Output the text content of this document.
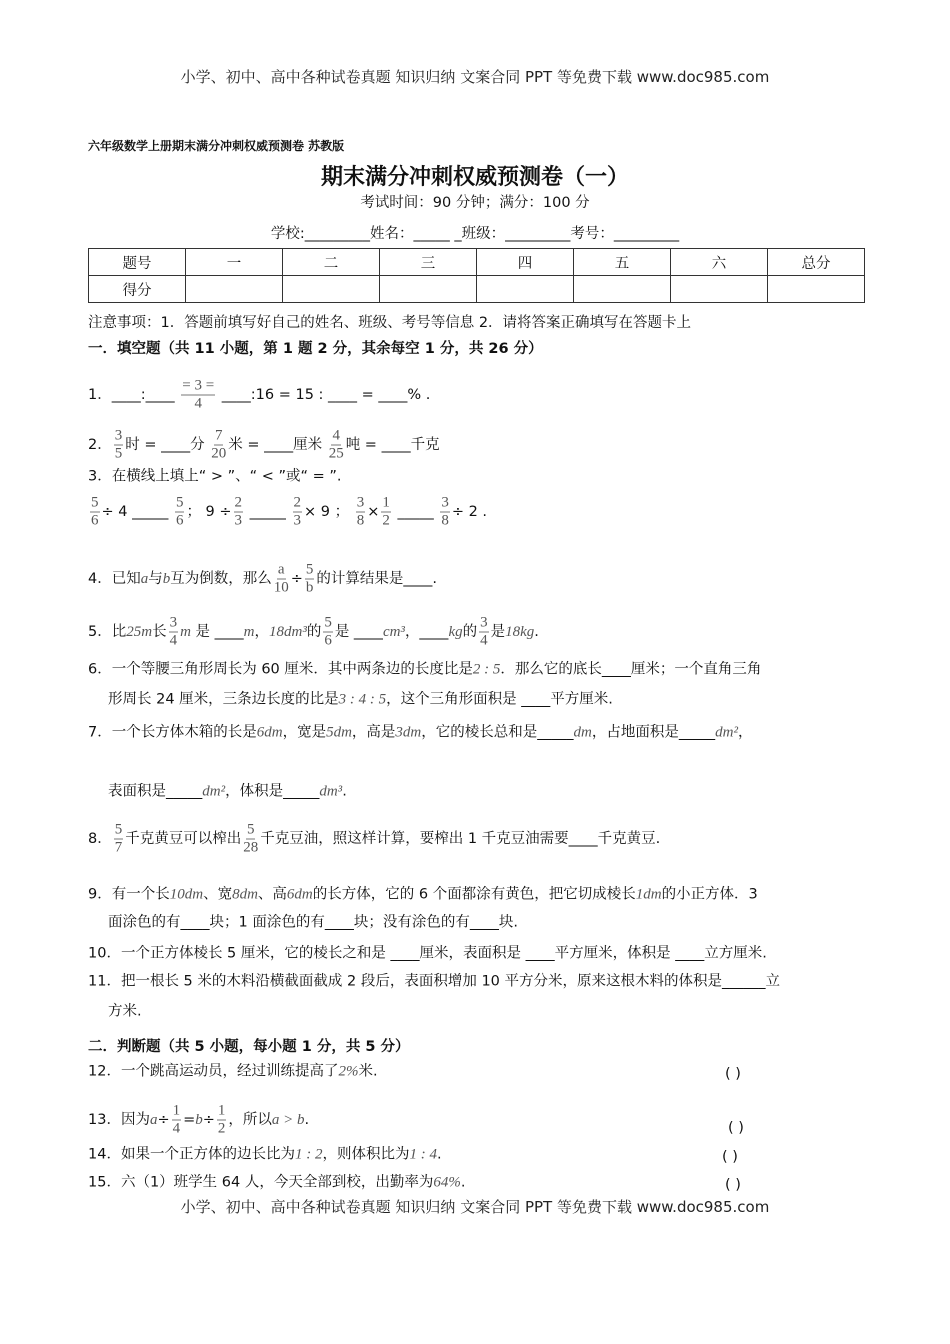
小学、初中、高中各种试卷真题 知识归纳 文案合同 PPT 等免费下载 www.doc985.com
六年级数学上册期末满分冲刺权威预测卷 苏教版
期末满分冲刺权威预测卷（一）
考试时间：90 分钟；满分：100 分
学校:_________姓名：_____ _班级：_________考号：_________
题号	一	二	三	四	五	六	总分
得分							
注意事项：1．答题前填写好自己的姓名、班级、考号等信息 2．请将答案正确填写在答题卡上
一．填空题（共 11 小题，第 1 题 2 分，其余每空 1 分，共 26 分）
二．判断题（共 5 小题，每小题 1 分，共 5 分）
1．____:____ $\frac{= 3 =}{4}$ ____:16 = 15 : ____ = ____% .
2． $\frac{3}{5}$ 时 = ____分 $\frac{7}{20}$ 米 = ____厘米 $\frac{4}{25}$ 吨 = ____千克
3．在横线上填上“ > ”、“ < ”或“ = ”.
$\frac{5}{6} \div 4$ _____ $\frac{5}{6}$ ； $9 \div \frac{2}{3}$ _____ $\frac{2}{3} \times 9$ ； $\frac{3}{8} \times \frac{1}{2}$ _____ $\frac{3}{8} \div 2$ .
4．已知a与b互为倒数，那么 $\frac{a}{10} \div \frac{5}{b}$ 的计算结果是____.
5．比25m长 $\frac{3}{4}$ m 是 ____m，18dm³的 $\frac{5}{6}$ 是 ____cm³，____kg的 $\frac{3}{4}$ 是18kg.
6．一个等腰三角形周长为 60 厘米．其中两条边的长度比是2 : 5．那么它的底长____厘米；一个直角三角
形周长 24 厘米，三条边长度的比是3 : 4 : 5，这个三角形面积是 ____平方厘米.
7．一个长方体木箱的长是6dm，宽是5dm，高是3dm，它的棱长总和是_____dm，占地面积是_____dm²，
表面积是_____dm²，体积是_____dm³.
8． $\frac{5}{7}$ 千克黄豆可以榨出 $\frac{5}{28}$ 千克豆油，照这样计算，要榨出 1 千克豆油需要____千克黄豆.
9．有一个长10dm、宽8dm、高6dm的长方体，它的 6 个面都涂有黄色，把它切成棱长1dm的小正方体．3
面涂色的有____块；1 面涂色的有____块；没有涂色的有____块.
10．一个正方体棱长 5 厘米，它的棱长之和是 ____厘米，表面积是 ____平方厘米，体积是 ____立方厘米.
11．把一根长 5 米的木料沿横截面截成 2 段后，表面积增加 10 平方分米，原来这根木料的体积是______立
方米.
12．一个跳高运动员，经过训练提高了2%米.
13．因为$a\div \frac{1}{4} =b\div \frac{1}{2}$ ，所以a > b.
14．如果一个正方体的边长比为1 : 2，则体积比为1 : 4.
15．六（1）班学生 64 人，今天全部到校，出勤率为64%.
( )
( )
( )
( )
小学、初中、高中各种试卷真题 知识归纳 文案合同 PPT 等免费下载 www.doc985.com
